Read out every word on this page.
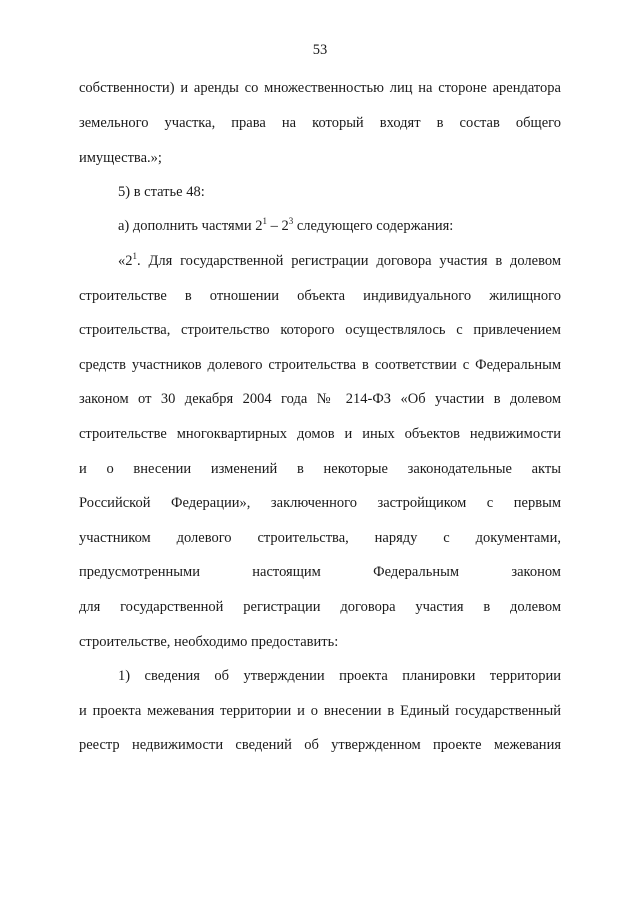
53
собственности) и аренды со множественностью лиц на стороне арендатора
земельного участка, права на который входят в состав общего
имущества.»;
5) в статье 48:
а) дополнить частями $2^1 - 2^3$ следующего содержания:
«$2^1$. Для государственной регистрации договора участия в долевом
строительстве в отношении объекта индивидуального жилищного
строительства, строительство которого осуществлялось с привлечением
средств участников долевого строительства в соответствии с Федеральным
законом от 30 декабря 2004 года № 214-ФЗ «Об участии в долевом
строительстве многоквартирных домов и иных объектов недвижимости
и о внесении изменений в некоторые законодательные акты
Российской Федерации», заключенного застройщиком с первым
участником долевого строительства, наряду с документами,
предусмотренными настоящим Федеральным законом
для государственной регистрации договора участия в долевом
строительстве, необходимо предоставить:
1) сведения об утверждении проекта планировки территории
и проекта межевания территории и о внесении в Единый государственный
реестр недвижимости сведений об утвержденном проекте межевания
